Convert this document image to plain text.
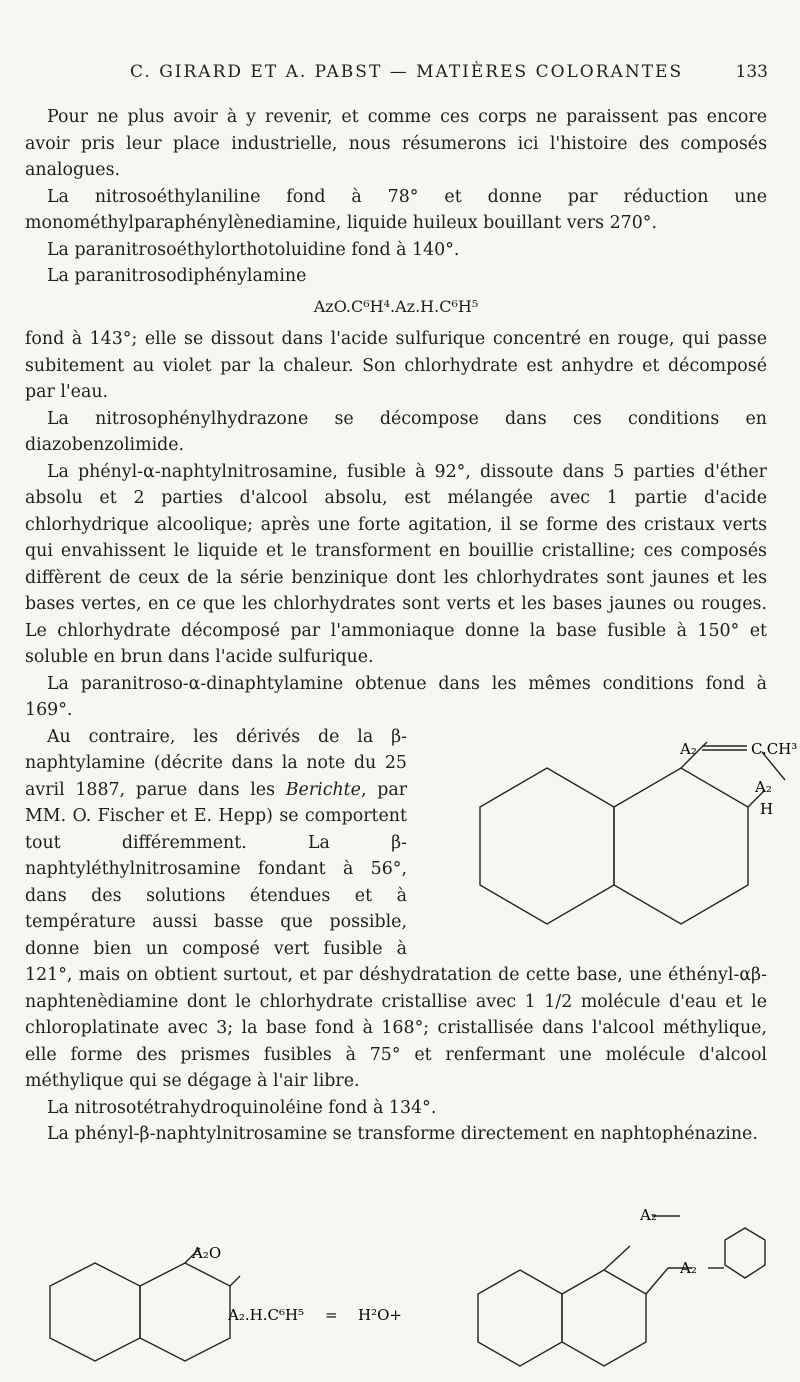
C. GIRARD ET A. PABST — MATIÈRES COLORANTES	133

Pour ne plus avoir à y revenir, et comme ces corps ne paraissent pas encore avoir pris leur place industrielle, nous résumerons ici l'histoire des composés analogues.

La nitrosoéthylaniline fond à 78° et donne par réduction une monométhylparaphénylènediamine, liquide huileux bouillant vers 270°.

La paranitrosoéthylorthotoluidine fond à 140°.

La paranitrosodiphénylamine

AzO.C⁶H⁴.Az.H.C⁶H⁵

fond à 143°; elle se dissout dans l'acide sulfurique concentré en rouge, qui passe subitement au violet par la chaleur. Son chlorhydrate est anhydre et décomposé par l'eau.

La nitrosophénylhydrazone se décompose dans ces conditions en diazobenzolimide.

La phényl-α-naphtylnitrosamine, fusible à 92°, dissoute dans 5 parties d'éther absolu et 2 parties d'alcool absolu, est mélangée avec 1 partie d'acide chlorhydrique alcoolique; après une forte agitation, il se forme des cristaux verts qui envahissent le liquide et le transforment en bouillie cristalline; ces composés diffèrent de ceux de la série benzinique dont les chlorhydrates sont jaunes et les bases vertes, en ce que les chlorhydrates sont verts et les bases jaunes ou rouges. Le chlorhydrate décomposé par l'ammoniaque donne la base fusible à 150° et soluble en brun dans l'acide sulfurique.

La paranitroso-α-dinaphtylamine obtenue dans les mêmes conditions fond à 169°.

A₂	C.CH³
A₂
H

Au contraire, les dérivés de la β-naphtylamine (décrite dans la note du 25 avril 1887, parue dans les Berichte, par MM. O. Fischer et E. Hepp) se comportent tout différemment. La β-naphtyléthylnitrosamine fondant à 56°, dans des solutions étendues et à température aussi basse que possible, donne bien un composé vert fusible à 121°, mais on obtient surtout, et par déshydratation de cette base, une éthényl-αβ-naphtenèdiamine dont le chlorhydrate cristallise avec 1 1/2 molécule d'eau et le chloroplatinate avec 3; la base fond à 168°; cristallisée dans l'alcool méthylique, elle forme des prismes fusibles à 75° et renfermant une molécule d'alcool méthylique qui se dégage à l'air libre.

La nitrosotétrahydroquinoléine fond à 134°.

La phényl-β-naphtylnitrosamine se transforme directement en naphtophénazine.

A₂O
A₂.H.C⁶H⁵ = H²O+
A₂
A₂
